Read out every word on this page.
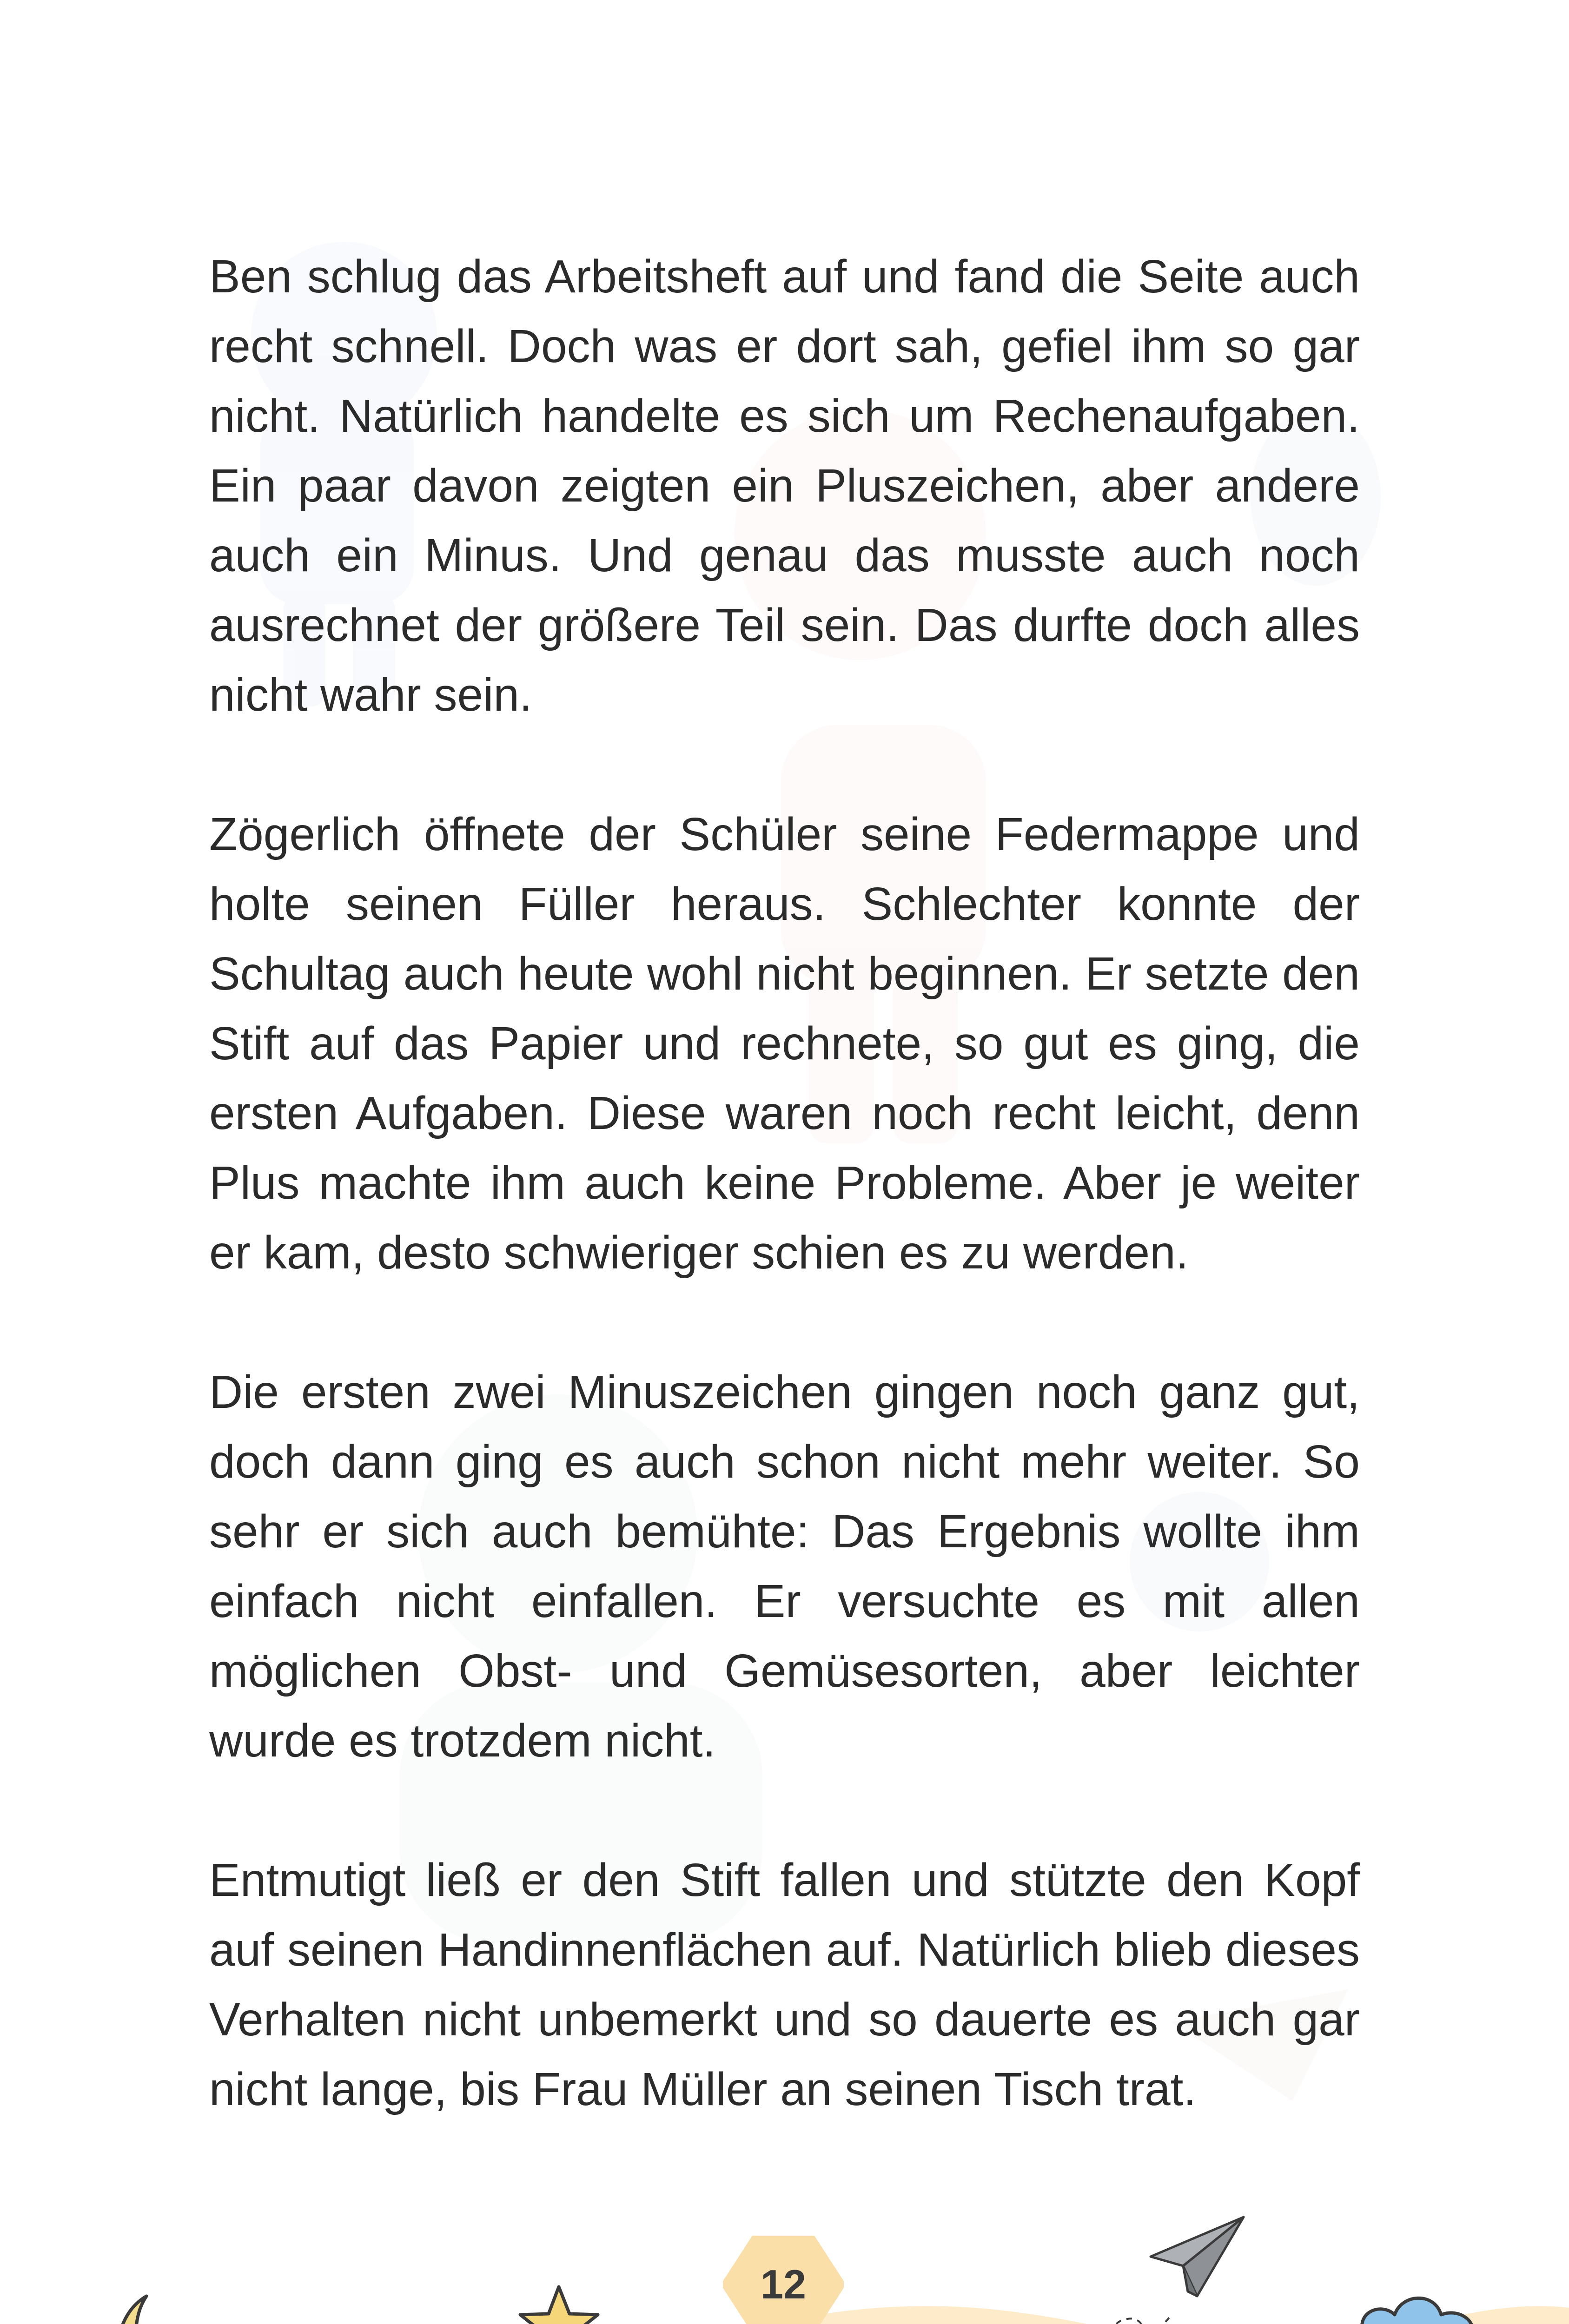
Ben schlug das Arbeitsheft auf und fand die Seite auch recht schnell. Doch was er dort sah, gefiel ihm so gar nicht. Natürlich handelte es sich um Rechenaufgaben. Ein paar davon zeigten ein Pluszeichen, aber andere auch ein Minus. Und genau das musste auch noch ausrechnet der größere Teil sein. Das durfte doch alles nicht wahr sein.

Zögerlich öffnete der Schüler seine Federmappe und holte seinen Füller heraus. Schlechter konnte der Schultag auch heute wohl nicht beginnen. Er setzte den Stift auf das Papier und rechnete, so gut es ging, die ersten Aufgaben. Diese waren noch recht leicht, denn Plus machte ihm auch keine Probleme. Aber je weiter er kam, desto schwieriger schien es zu werden.

Die ersten zwei Minuszeichen gingen noch ganz gut, doch dann ging es auch schon nicht mehr weiter. So sehr er sich auch bemühte: Das Ergebnis wollte ihm einfach nicht einfallen. Er versuchte es mit allen möglichen Obst- und Gemüsesorten, aber leichter wurde es trotzdem nicht.

Entmutigt ließ er den Stift fallen und stützte den Kopf auf seinen Handinnenflächen auf. Natürlich blieb dieses Verhalten nicht unbemerkt und so dauerte es auch gar nicht lange, bis Frau Müller an seinen Tisch trat.

12
